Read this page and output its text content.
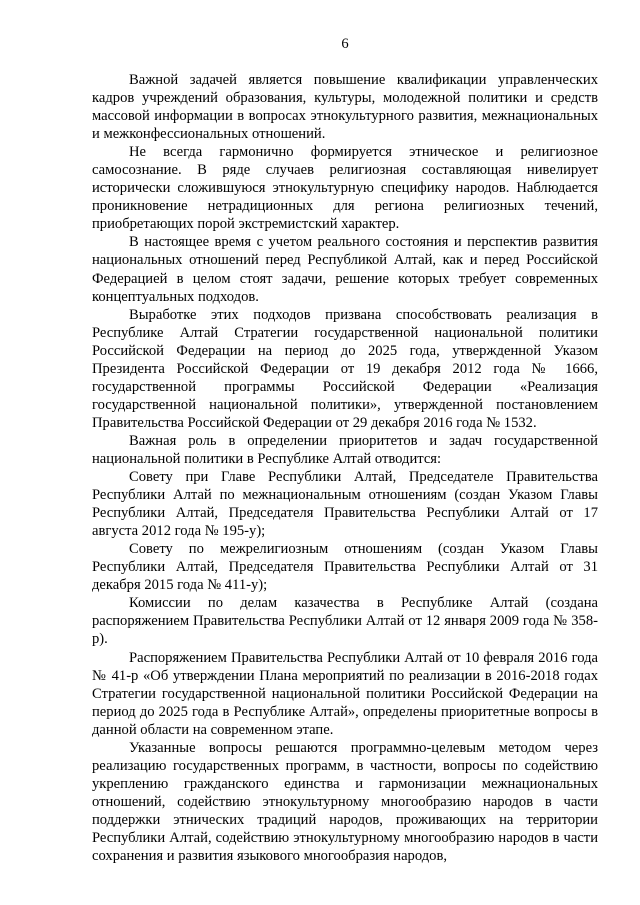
6

Важной задачей является повышение квалификации управленческих кадров учреждений образования, культуры, молодежной политики и средств массовой информации в вопросах этнокультурного развития, межнациональных и межконфессиональных отношений.

Не всегда гармонично формируется этническое и религиозное самосознание. В ряде случаев религиозная составляющая нивелирует исторически сложившуюся этнокультурную специфику народов. Наблюдается проникновение нетрадиционных для региона религиозных течений, приобретающих порой экстремистский характер.

В настоящее время с учетом реального состояния и перспектив развития национальных отношений перед Республикой Алтай, как и перед Российской Федерацией в целом стоят задачи, решение которых требует современных концептуальных подходов.

Выработке этих подходов призвана способствовать реализация в Республике Алтай Стратегии государственной национальной политики Российской Федерации на период до 2025 года, утвержденной Указом Президента Российской Федерации от 19 декабря 2012 года № 1666, государственной программы Российской Федерации «Реализация государственной национальной политики», утвержденной постановлением Правительства Российской Федерации от 29 декабря 2016 года № 1532.

Важная роль в определении приоритетов и задач государственной национальной политики в Республике Алтай отводится:

Совету при Главе Республики Алтай, Председателе Правительства Республики Алтай по межнациональным отношениям (создан Указом Главы Республики Алтай, Председателя Правительства Республики Алтай от 17 августа 2012 года № 195-у);

Совету по межрелигиозным отношениям (создан Указом Главы Республики Алтай, Председателя Правительства Республики Алтай от 31 декабря 2015 года № 411-у);

Комиссии по делам казачества в Республике Алтай (создана распоряжением Правительства Республики Алтай от 12 января 2009 года № 358-р).

Распоряжением Правительства Республики Алтай от 10 февраля 2016 года № 41-р «Об утверждении Плана мероприятий по реализации в 2016-2018 годах Стратегии государственной национальной политики Российской Федерации на период до 2025 года в Республике Алтай», определены приоритетные вопросы в данной области на современном этапе.

Указанные вопросы решаются программно-целевым методом через реализацию государственных программ, в частности, вопросы по содействию укреплению гражданского единства и гармонизации межнациональных отношений, содействию этнокультурному многообразию народов в части поддержки этнических традиций народов, проживающих на территории Республики Алтай, содействию этнокультурному многообразию народов в части сохранения и развития языкового многообразия народов,
